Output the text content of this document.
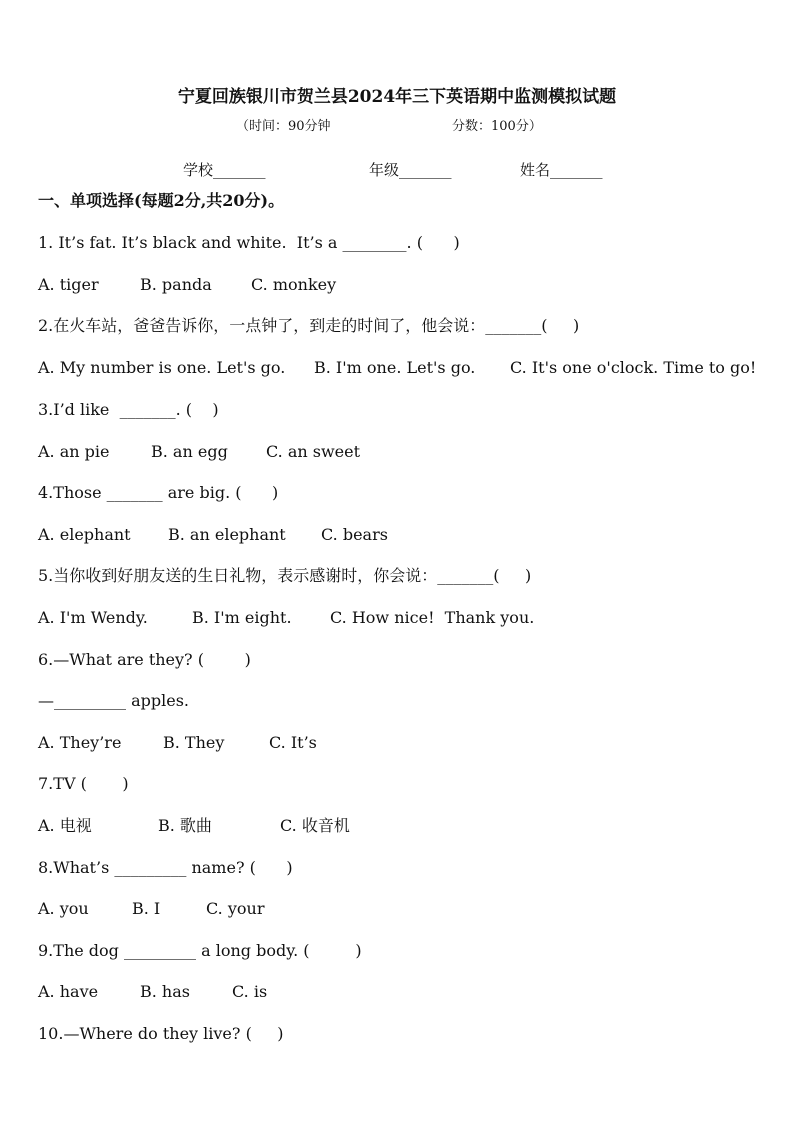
宁夏回族银川市贺兰县2024年三下英语期中监测模拟试题
（时间：90分钟	分数：100分）
学校_______	年级_______	姓名_______
一、单项选择(每题2分,共20分)。
1. It’s fat. It’s black and white.  It’s a ________. (      )
A. tiger	B. panda C. monkey
2.在火车站，爸爸告诉你，一点钟了，到走的时间了，他会说：_______(     )
A. My number is one. Let's go. B. I'm one. Let's go. C. It's one o'clock. Time to go!
3.I’d like  _______. (    )
A. an pie	B. an egg C. an sweet
4.Those _______ are big. (      )
A. elephant B. an elephant C. bears
5.当你收到好朋友送的生日礼物，表示感谢时，你会说：_______(     )
A. I'm Wendy.	B. I'm eight. C. How nice!  Thank you.
6.—What are they? (        )
—_________ apples.
A. They’re	B. They	C. It’s
7.TV (       )
A. 电视	B. 歌曲	C. 收音机
8.What’s _________ name? (      )
A. you	B. I	C. your
9.The dog _________ a long body. (         )
A. have	B. has	C. is
10.—Where do they live? (     )
